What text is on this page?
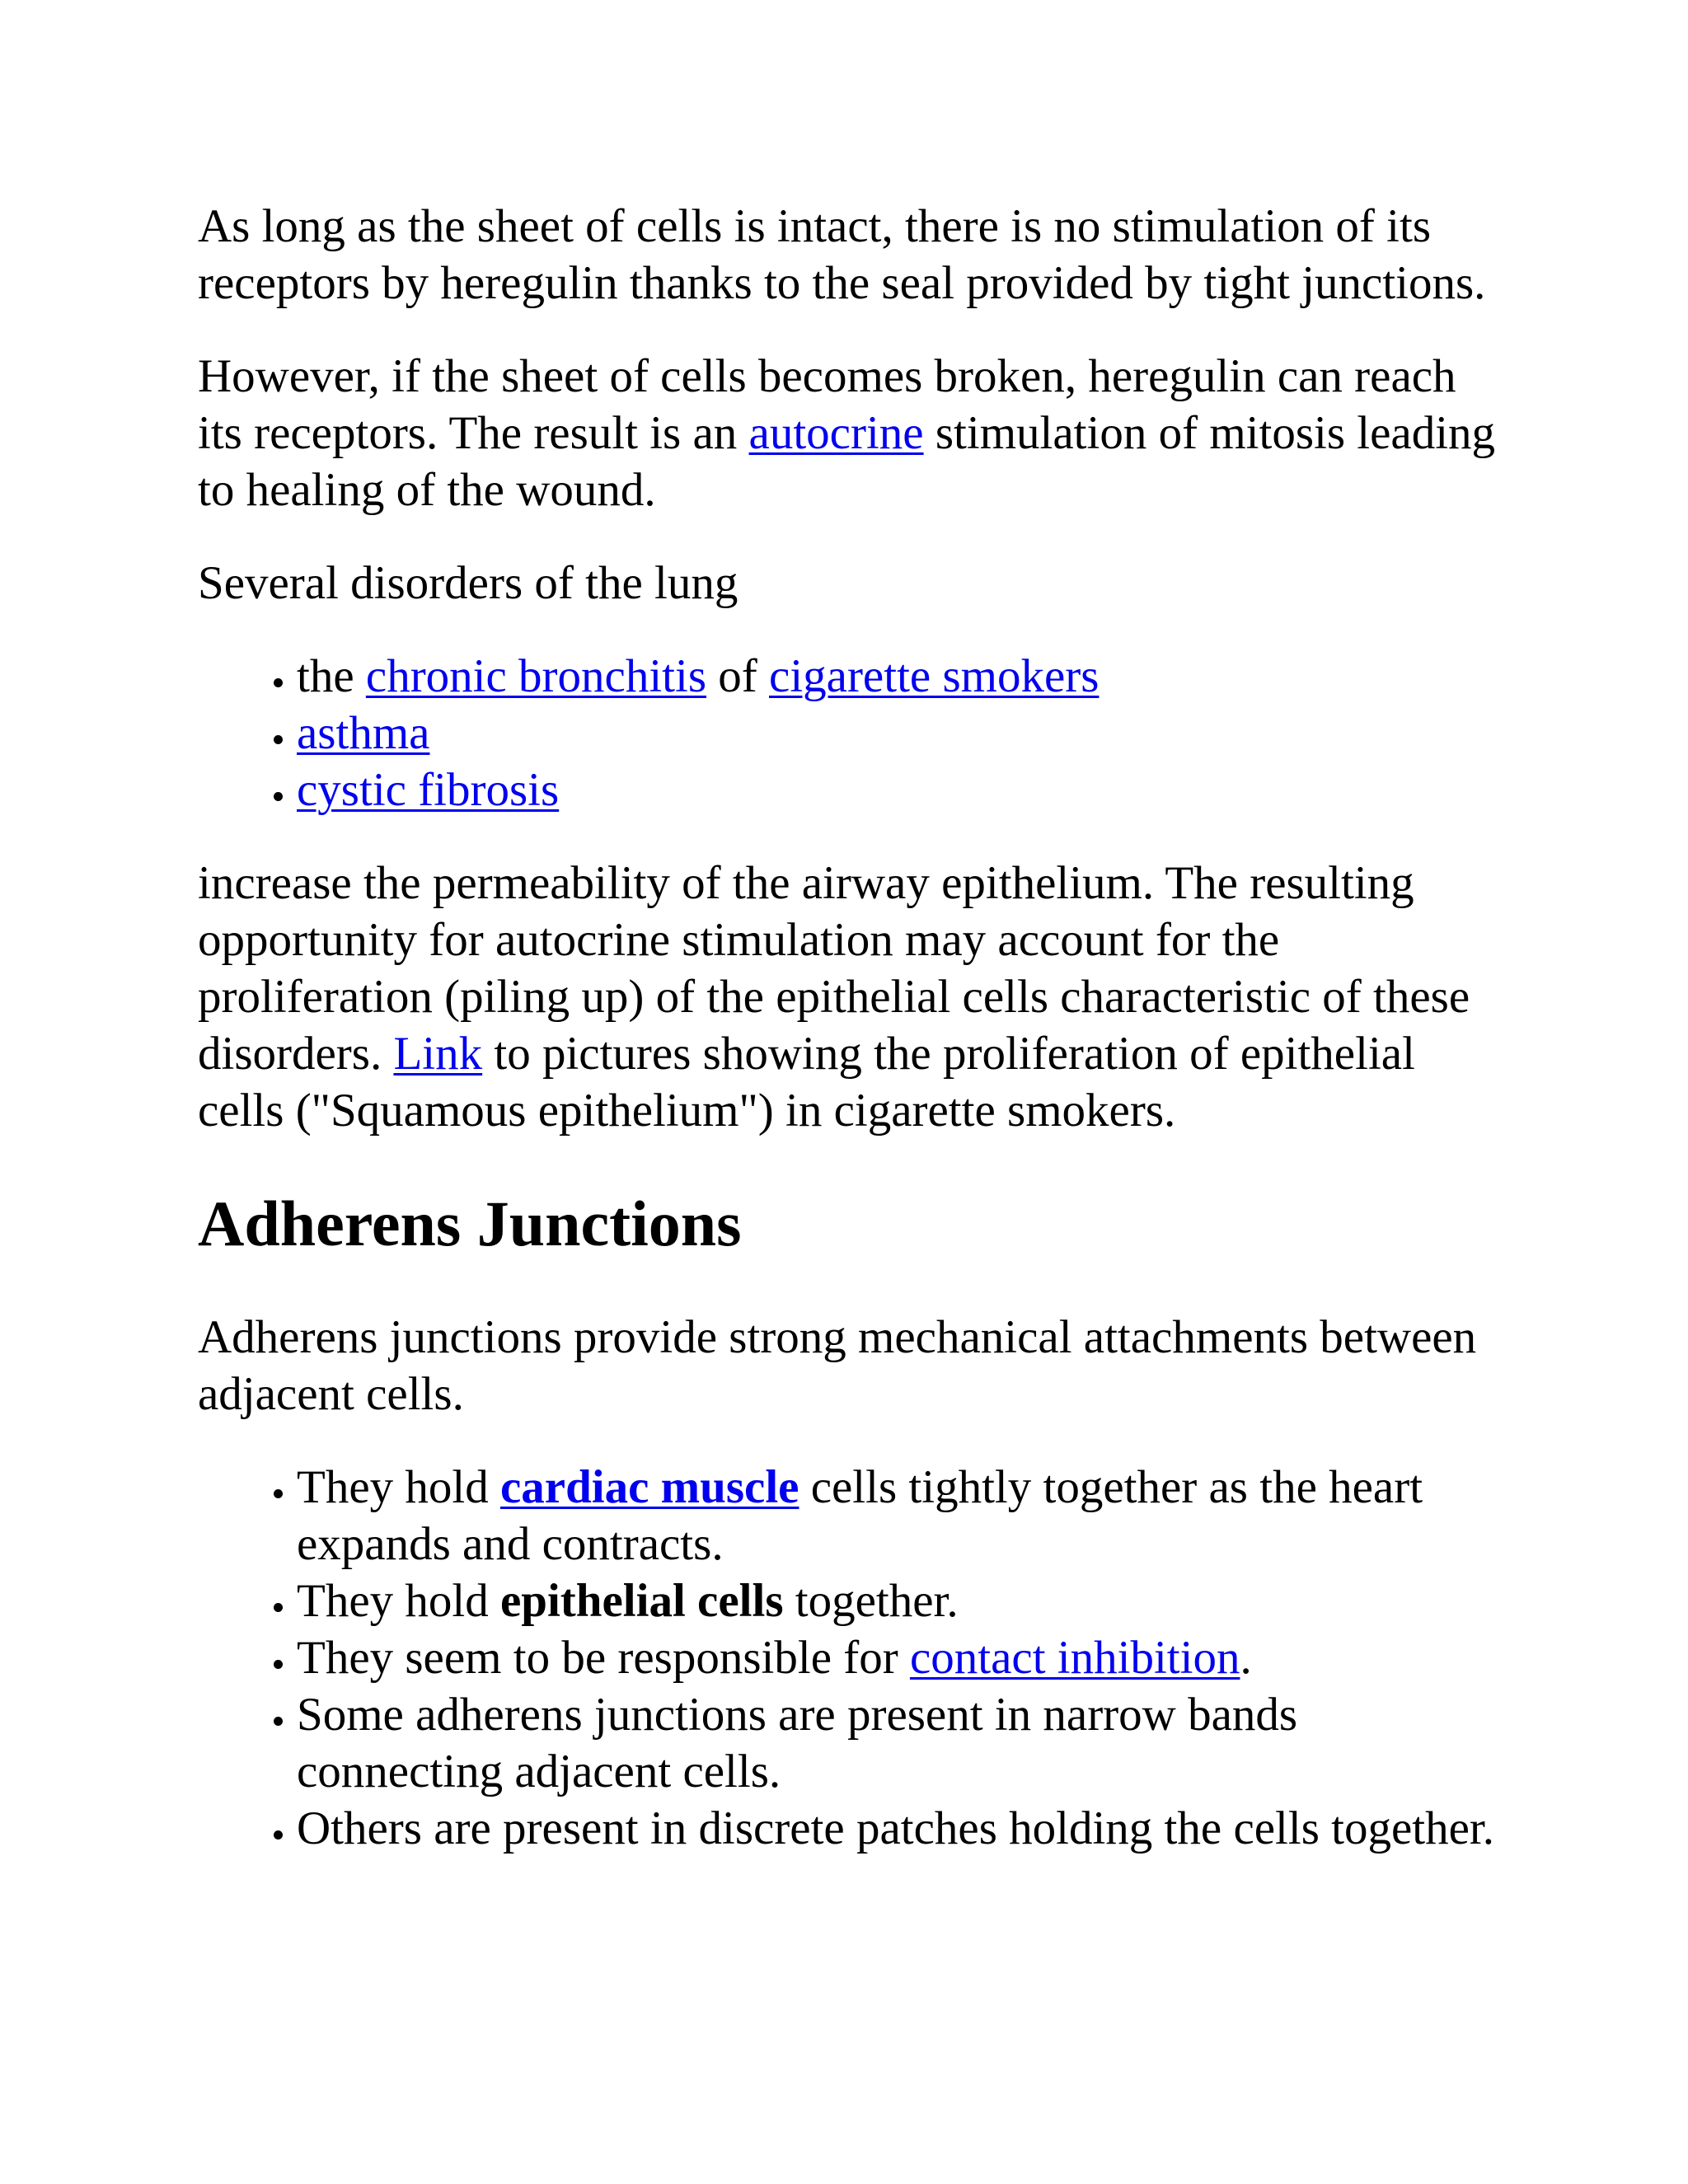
As long as the sheet of cells is intact, there is no stimulation of its receptors by heregulin thanks to the seal provided by tight junctions.

However, if the sheet of cells becomes broken, heregulin can reach its receptors. The result is an autocrine stimulation of mitosis leading to healing of the wound.

Several disorders of the lung

• the chronic bronchitis of cigarette smokers
• asthma
• cystic fibrosis

increase the permeability of the airway epithelium. The resulting opportunity for autocrine stimulation may account for the proliferation (piling up) of the epithelial cells characteristic of these disorders. Link to pictures showing the proliferation of epithelial cells ("Squamous epithelium") in cigarette smokers.

Adherens Junctions

Adherens junctions provide strong mechanical attachments between adjacent cells.

• They hold cardiac muscle cells tightly together as the heart expands and contracts.
• They hold epithelial cells together.
• They seem to be responsible for contact inhibition.
• Some adherens junctions are present in narrow bands connecting adjacent cells.
• Others are present in discrete patches holding the cells together.
